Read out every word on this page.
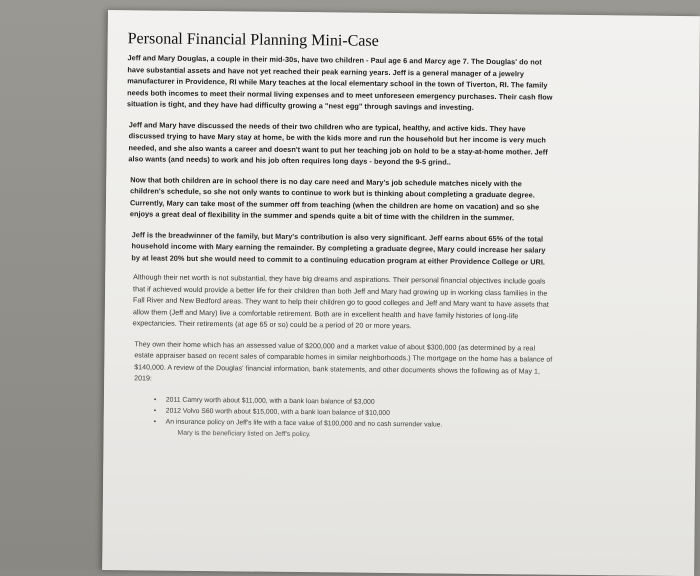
Personal Financial Planning Mini-Case

Jeff and Mary Douglas, a couple in their mid-30s, have two children - Paul age 6 and Marcy age 7. The Douglas' do not have substantial assets and have not yet reached their peak earning years. Jeff is a general manager of a jewelry manufacturer in Providence, RI while Mary teaches at the local elementary school in the town of Tiverton, RI. The family needs both incomes to meet their normal living expenses and to meet unforeseen emergency purchases. Their cash flow situation is tight, and they have had difficulty growing a "nest egg" through savings and investing.

Jeff and Mary have discussed the needs of their two children who are typical, healthy, and active kids. They have discussed trying to have Mary stay at home, be with the kids more and run the household but her income is very much needed, and she also wants a career and doesn't want to put her teaching job on hold to be a stay-at-home mother. Jeff also wants (and needs) to work and his job often requires long days - beyond the 9-5 grind..

Now that both children are in school there is no day care need and Mary's job schedule matches nicely with the children's schedule, so she not only wants to continue to work but is thinking about completing a graduate degree. Currently, Mary can take most of the summer off from teaching (when the children are home on vacation) and so she enjoys a great deal of flexibility in the summer and spends quite a bit of time with the children in the summer.

Jeff is the breadwinner of the family, but Mary's contribution is also very significant. Jeff earns about 65% of the total household income with Mary earning the remainder. By completing a graduate degree, Mary could increase her salary by at least 20% but she would need to commit to a continuing education program at either Providence College or URI.

Although their net worth is not substantial, they have big dreams and aspirations. Their personal financial objectives include goals that if achieved would provide a better life for their children than both Jeff and Mary had growing up in working class families in the Fall River and New Bedford areas. They want to help their children go to good colleges and Jeff and Mary want to have assets that allow them (Jeff and Mary) live a comfortable retirement. Both are in excellent health and have family histories of long-life expectancies. Their retirements (at age 65 or so) could be a period of 20 or more years.

They own their home which has an assessed value of $200,000 and a market value of about $300,000 (as determined by a real estate appraiser based on recent sales of comparable homes in similar neighborhoods.) The mortgage on the home has a balance of $140,000. A review of the Douglas' financial information, bank statements, and other documents shows the following as of May 1, 2019:

• 2011 Camry worth about $11,000, with a bank loan balance of $3,000
• 2012 Volvo S60 worth about $15,000, with a bank loan balance of $10,000
• An insurance policy on Jeff's life with a face value of $100,000 and no cash surrender value.
Mary is the beneficiary listed on Jeff's policy.
